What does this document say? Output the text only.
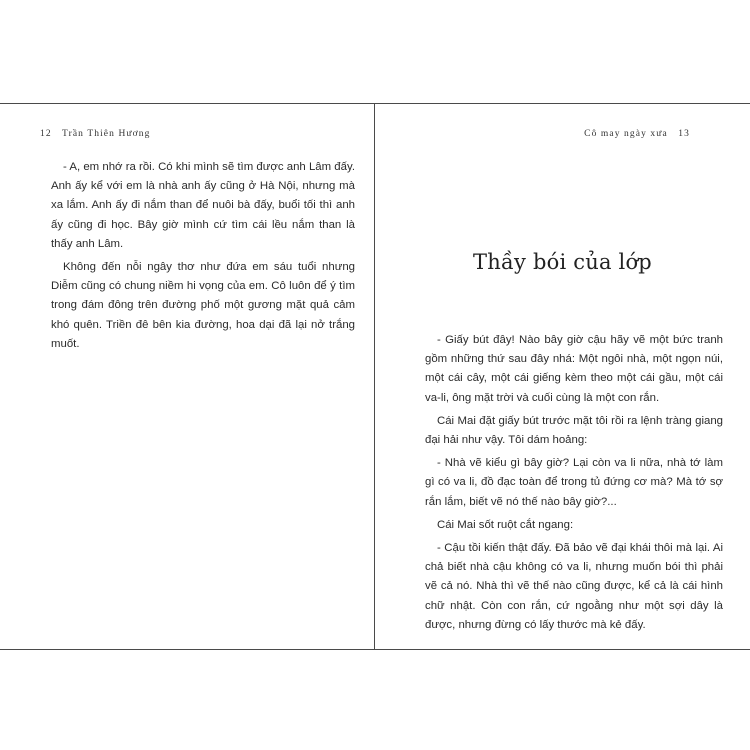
12 Trần Thiên Hương

- A, em nhớ ra rồi. Có khi mình sẽ tìm được anh Lâm đấy. Anh ấy kể với em là nhà anh ấy cũng ở Hà Nội, nhưng mà xa lắm. Anh ấy đi nắm than để nuôi bà đấy, buổi tối thì anh ấy cũng đi học. Bây giờ mình cứ tìm cái lều nắm than là thấy anh Lâm.

Không đến nỗi ngây thơ như đứa em sáu tuổi nhưng Diễm cũng có chung niềm hi vọng của em. Cô luôn để ý tìm trong đám đông trên đường phố một gương mặt quả cảm khó quên. Triền đê bên kia đường, hoa dại đã lại nở trắng muốt.

Cô may ngày xưa 13
Thầy bói của lớp

- Giấy bút đây! Nào bây giờ cậu hãy vẽ một bức tranh gồm những thứ sau đây nhá: Một ngôi nhà, một ngọn núi, một cái cây, một cái giếng kèm theo một cái gầu, một cái va-li, ông mặt trời và cuối cùng là một con rắn.

Cái Mai đặt giấy bút trước mặt tôi rồi ra lệnh tràng giang đại hải như vậy. Tôi dám hoảng:

- Nhà vẽ kiểu gì bây giờ? Lại còn va li nữa, nhà tớ làm gì có va li, đồ đạc toàn để trong tủ đứng cơ mà? Mà tớ sợ rắn lắm, biết vẽ nó thế nào bây giờ?...

Cái Mai sốt ruột cắt ngang:

- Cậu tồi kiến thật đấy. Đã bảo vẽ đại khái thôi mà lại. Ai chả biết nhà cậu không có va li, nhưng muốn bói thì phải vẽ cả nó. Nhà thì vẽ thế nào cũng được, kể cả là cái hình chữ nhật. Còn con rắn, cứ ngoằng như một sợi dây là được, nhưng đừng có lấy thước mà kẻ đấy.
